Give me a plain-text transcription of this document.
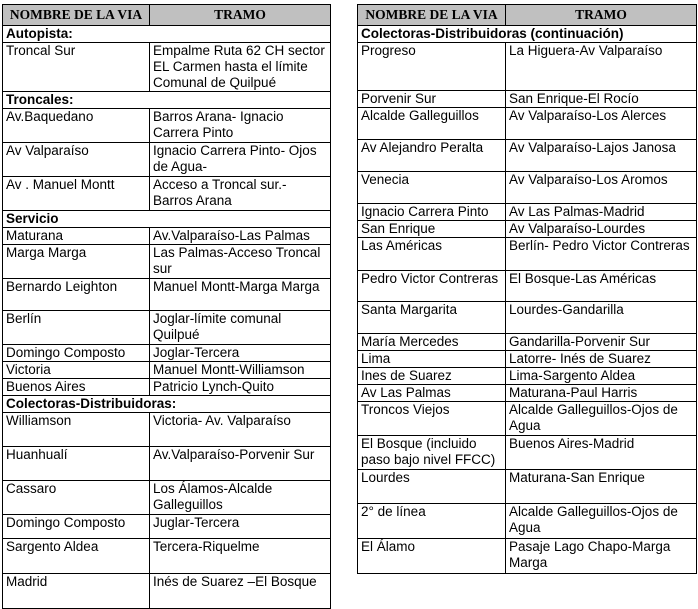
NOMBRE DE LA VIA	TRAMO
Autopista:	
Troncal Sur	Empalme Ruta 62 CH sector EL Carmen hasta el límite Comunal de Quilpué
Troncales:	
Av.Baquedano	Barros Arana- Ignacio Carrera Pinto
Av Valparaíso	Ignacio Carrera Pinto- Ojos de Agua-
Av . Manuel Montt	Acceso a Troncal sur.- Barros Arana
Servicio	
Maturana	Av.Valparaíso-Las Palmas
Marga Marga	Las Palmas-Acceso Troncal sur
Bernardo Leighton	Manuel Montt-Marga Marga
Berlín	Joglar-límite comunal Quilpué
Domingo Composto	Joglar-Tercera
Victoria	Manuel Montt-Williamson
Buenos Aires	Patricio Lynch-Quito
Colectoras-Distribuidoras:	
Williamson	Victoria- Av. Valparaíso
Huanhualí	Av.Valparaíso-Porvenir Sur
Cassaro	Los Álamos-Alcalde Galleguillos
Domingo Composto	Juglar-Tercera
Sargento Aldea	Tercera-Riquelme
Madrid	Inés de Suarez –El Bosque
NOMBRE DE LA VIA	TRAMO
Colectoras-Distribuidoras (continuación)	
Progreso	La Higuera-Av Valparaíso
Porvenir Sur	San Enrique-El Rocío
Alcalde Galleguillos	Av Valparaíso-Los Alerces
Av Alejandro Peralta	Av Valparaíso-Lajos Janosa
Venecia	Av Valparaíso-Los Aromos
Ignacio Carrera Pinto	Av Las Palmas-Madrid
San Enrique	Av Valparaíso-Lourdes
Las Américas	Berlín- Pedro Victor Contreras
Pedro Victor Contreras	El Bosque-Las Américas
Santa Margarita	Lourdes-Gandarilla
María Mercedes	Gandarilla-Porvenir Sur
Lima	Latorre- Inés de Suarez
Ines de Suarez	Lima-Sargento Aldea
Av Las Palmas	Maturana-Paul Harris
Troncos Viejos	Alcalde Galleguillos-Ojos de Agua
El Bosque (incluido paso bajo nivel FFCC)	Buenos Aires-Madrid
Lourdes	Maturana-San Enrique
2° de línea	Alcalde Galleguillos-Ojos de Agua
El Álamo	Pasaje Lago Chapo-Marga Marga
